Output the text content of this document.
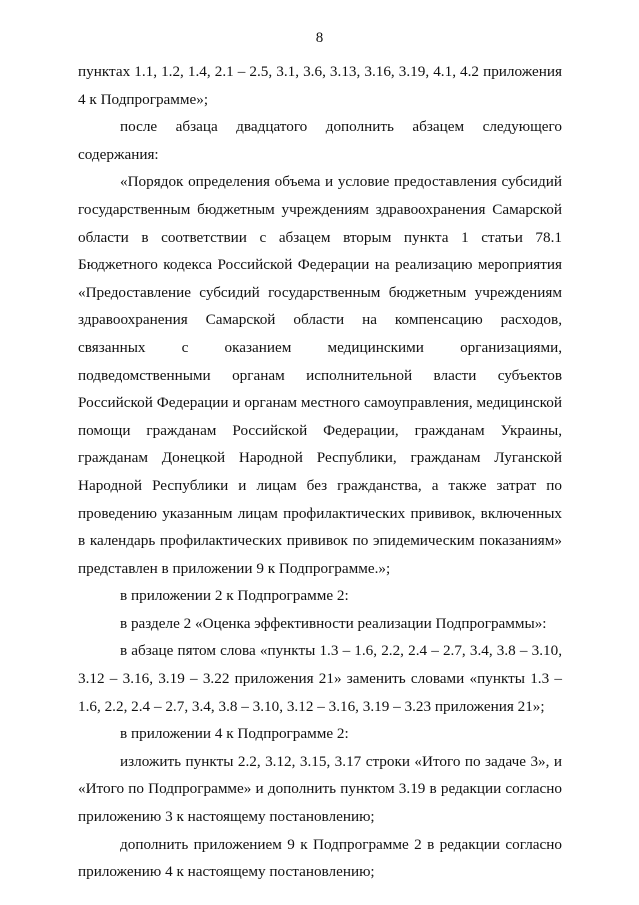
8

пунктах 1.1, 1.2, 1.4, 2.1 – 2.5, 3.1, 3.6, 3.13, 3.16, 3.19, 4.1, 4.2 приложения 4 к Подпрограмме»;

после абзаца двадцатого дополнить абзацем следующего содержания:

«Порядок определения объема и условие предоставления субсидий государственным бюджетным учреждениям здравоохранения Самарской области в соответствии с абзацем вторым пункта 1 статьи 78.1 Бюджетного кодекса Российской Федерации на реализацию мероприятия «Предоставление субсидий государственным бюджетным учреждениям здравоохранения Самарской области на компенсацию расходов, связанных с оказанием медицинскими организациями, подведомственными органам исполнительной власти субъектов Российской Федерации и органам местного самоуправления, медицинской помощи гражданам Российской Федерации, гражданам Украины, гражданам Донецкой Народной Республики, гражданам Луганской Народной Республики и лицам без гражданства, а также затрат по проведению указанным лицам профилактических прививок, включенных в календарь профилактических прививок по эпидемическим показаниям» представлен в приложении 9 к Подпрограмме.»;

в приложении 2 к Подпрограмме 2:

в разделе 2 «Оценка эффективности реализации Подпрограммы»:

в абзаце пятом слова «пункты 1.3 – 1.6, 2.2, 2.4 – 2.7, 3.4, 3.8 – 3.10, 3.12 – 3.16, 3.19 – 3.22 приложения 21» заменить словами «пункты 1.3 – 1.6, 2.2, 2.4 – 2.7, 3.4, 3.8 – 3.10, 3.12 – 3.16, 3.19 – 3.23 приложения 21»;

в приложении 4 к Подпрограмме 2:

изложить пункты 2.2, 3.12, 3.15, 3.17 строки «Итого по задаче 3», и «Итого по Подпрограмме» и дополнить пунктом 3.19 в редакции согласно приложению 3 к настоящему постановлению;

дополнить приложением 9 к Подпрограмме 2 в редакции согласно приложению 4 к настоящему постановлению;
